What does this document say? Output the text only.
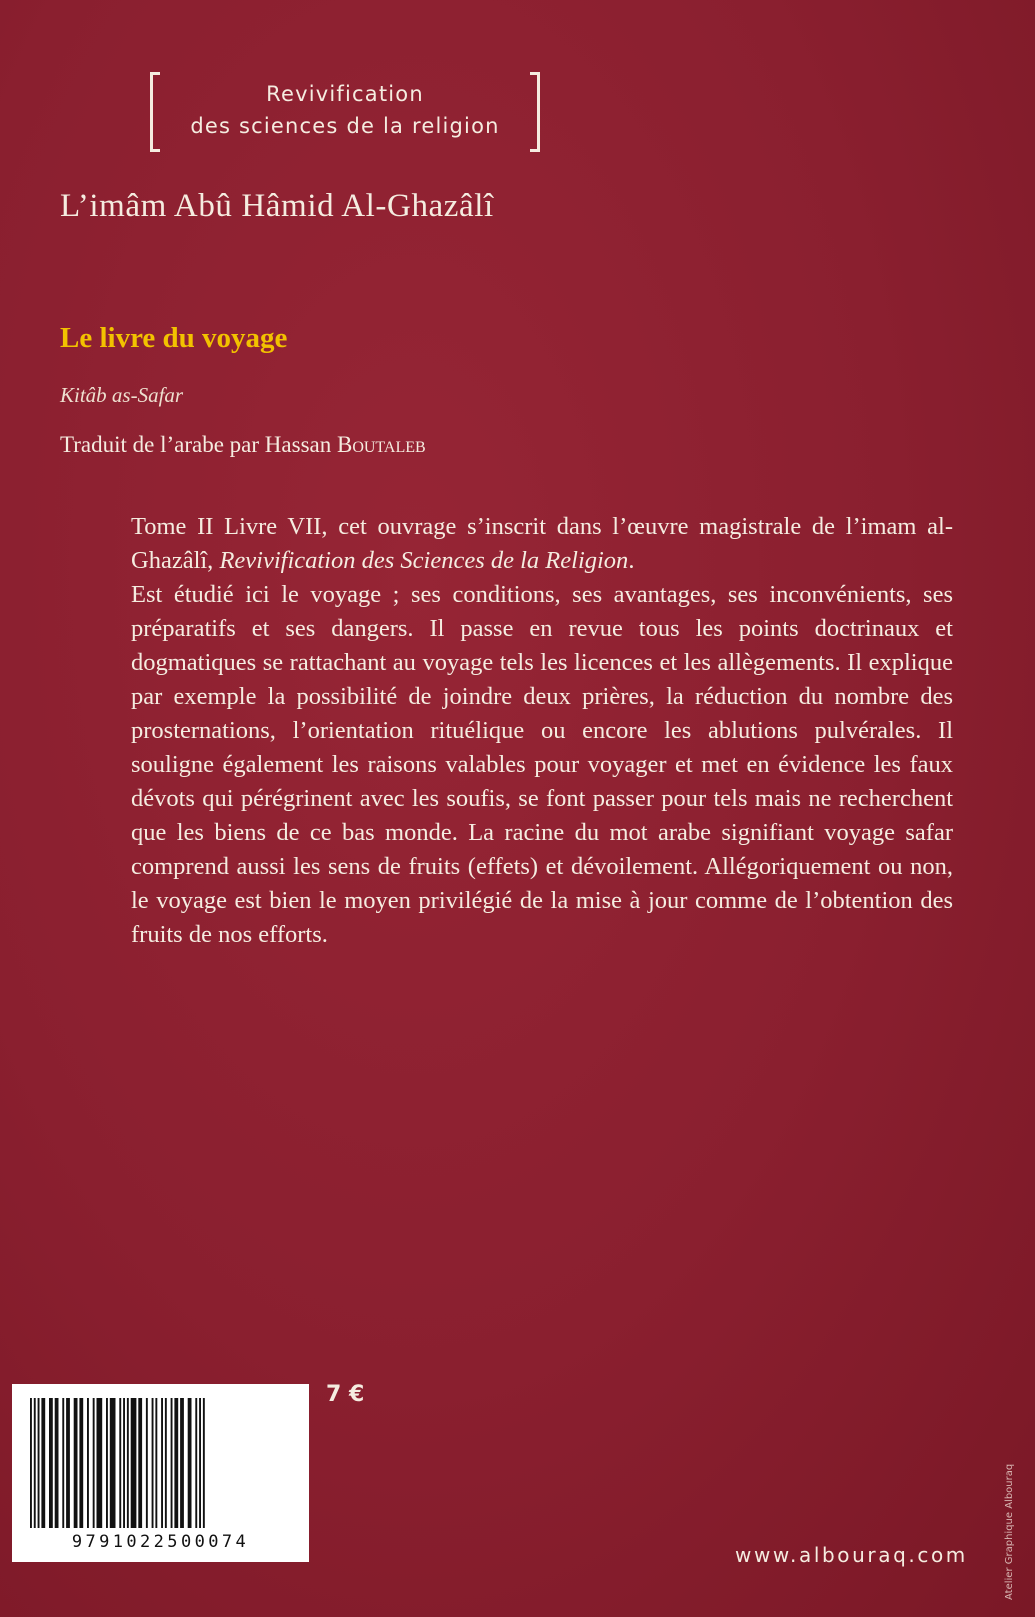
Revivification
des sciences de la religion
L’imâm Abû Hâmid Al-Ghazâlî
Le livre du voyage
Kitâb as-Safar
Traduit de l’arabe par Hassan Boutaleb

Tome II Livre VII, cet ouvrage s’inscrit dans l’œuvre magistrale de l’imam al-Ghazâlî, Revivification des Sciences de la Religion.

Est étudié ici le voyage ; ses conditions, ses avantages, ses inconvénients, ses préparatifs et ses dangers. Il passe en revue tous les points doctrinaux et dogmatiques se rattachant au voyage tels les licences et les allègements. Il explique par exemple la possibilité de joindre deux prières, la réduction du nombre des prosternations, l’orientation rituélique ou encore les ablutions pulvérales. Il souligne également les raisons valables pour voyager et met en évidence les faux dévots qui pérégrinent avec les soufis, se font passer pour tels mais ne recherchent que les biens de ce bas monde. La racine du mot arabe signifiant voyage safar comprend aussi les sens de fruits (effets) et dévoilement. Allégoriquement ou non, le voyage est bien le moyen privilégié de la mise à jour comme de l’obtention des fruits de nos efforts.

9791022500074
7 €
www.albouraq.com	Atelier Graphique Albouraq
